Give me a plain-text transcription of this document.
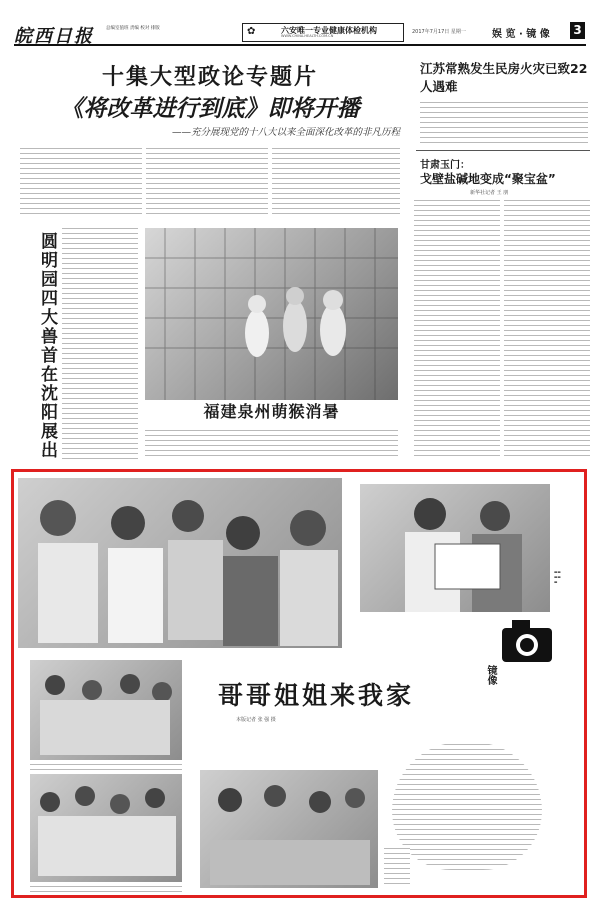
皖西日报	总编室值班 责编 校对 排版	✿	六安唯一专业健康体检机构
WWW.CHINA-HEALTH.COM.CN
2017年7月17日 星期一	娱 览 · 镜 像 3
十集大型政论专题片
《将改革进行到底》即将开播
——充分展现党的十八大以来全面深化改革的非凡历程
江苏常熟发生民房火灾已致22人遇难
甘肃玉门：
戈壁盐碱地变成“聚宝盆”
新华社记者 王 朋
圆明园四大兽首在沈阳展出	福建泉州萌猴消暑
▬▬
▬▬
▬
镜像
哥哥姐姐来我家
本版记者 张 强 摄
